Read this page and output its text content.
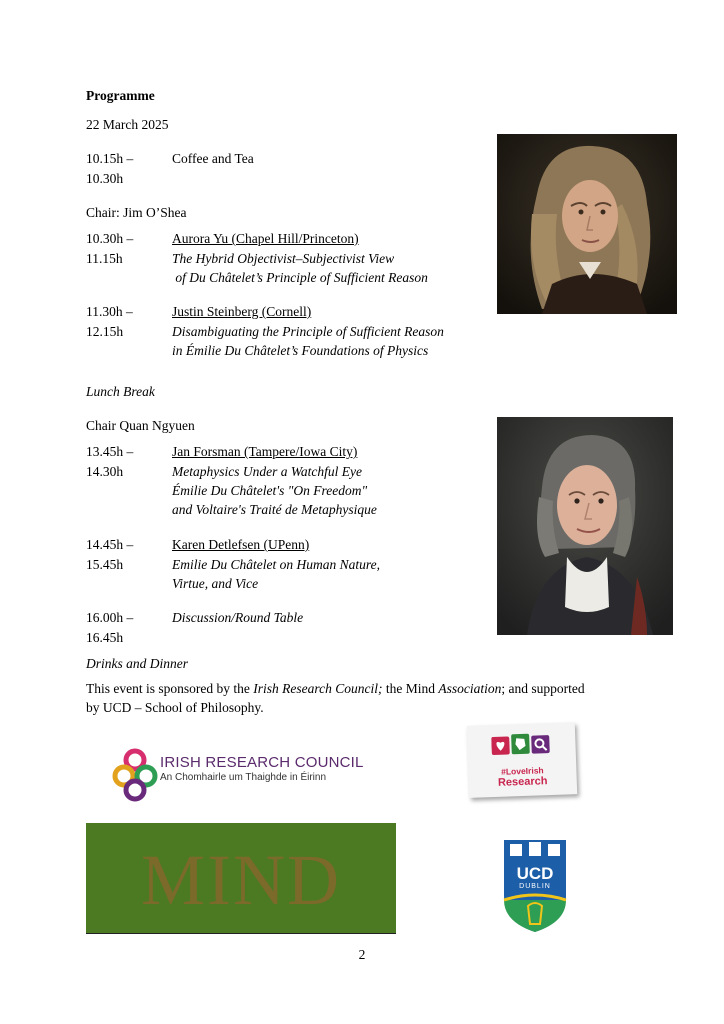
Programme
22 March 2025
10.15h –
10.30h
Coffee and Tea
Chair: Jim O’Shea
10.30h –
11.15h
Aurora Yu (Chapel Hill/Princeton)
The Hybrid Objectivist–Subjectivist View
of Du Châtelet’s Principle of Sufficient Reason
11.30h –
12.15h
Justin Steinberg (Cornell)
Disambiguating the Principle of Sufficient Reason
in Émilie Du Châtelet’s Foundations of Physics
Lunch Break
Chair Quan Ngyuen
13.45h –
14.30h
Jan Forsman (Tampere/Iowa City)
Metaphysics Under a Watchful Eye
Émilie Du Châtelet's "On Freedom"
and Voltaire's Traité de Metaphysique
14.45h –
15.45h
Karen Detlefsen (UPenn)
Emilie Du Châtelet on Human Nature,
Virtue, and Vice
16.00h –
16.45h
Discussion/Round Table
Drinks and Dinner
This event is sponsored by the Irish Research Council; the Mind Association; and supported
by UCD – School of Philosophy.
IRISH RESEARCH COUNCIL
An Chomhairle um Thaighde in Éirinn
#LoveIrish
Research
MIND	UCD
DUBLIN
2
